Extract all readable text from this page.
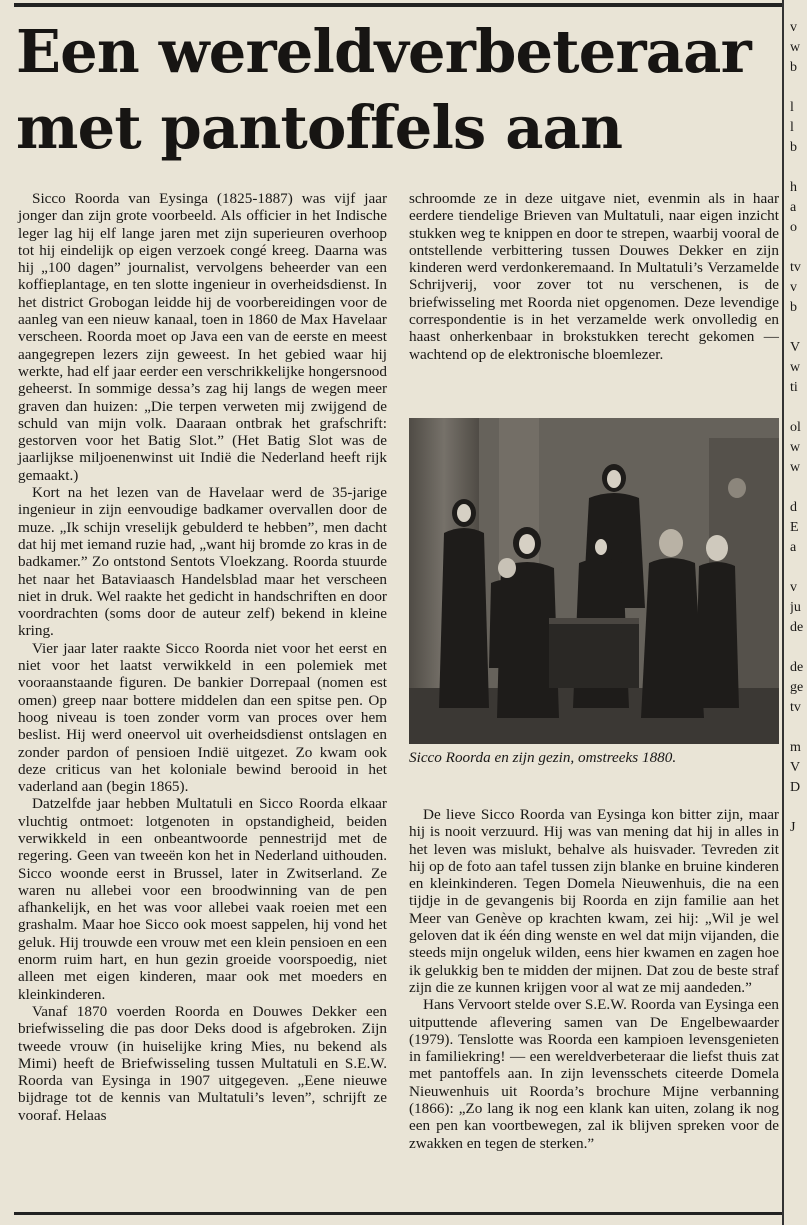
Een wereldverbeteraar
met pantoffels aan

Sicco Roorda van Eysinga (1825-1887) was vijf jaar jonger dan zijn grote voorbeeld. Als officier in het Indische leger lag hij elf lange jaren met zijn superieuren overhoop tot hij eindelijk op eigen verzoek congé kreeg. Daarna was hij „100 dagen” journalist, vervolgens beheerder van een koffieplantage, en ten slotte ingenieur in overheidsdienst. In het district Grobogan leidde hij de voorbereidingen voor de aanleg van een nieuw kanaal, toen in 1860 de Max Havelaar verscheen. Roorda moet op Java een van de eerste en meest aangegrepen lezers zijn geweest. In het gebied waar hij werkte, had elf jaar eerder een verschrikkelijke hongersnood geheerst. In sommige dessa’s zag hij langs de wegen meer graven dan huizen: „Die terpen verweten mij zwijgend de schuld van mijn volk. Daaraan ontbrak het grafschrift: gestorven voor het Batig Slot.” (Het Batig Slot was de jaarlijkse miljoenenwinst uit Indië die Nederland heeft rijk gemaakt.)

Kort na het lezen van de Havelaar werd de 35-jarige ingenieur in zijn eenvoudige badkamer overvallen door de muze. „Ik schijn vreselijk gebulderd te hebben”, men dacht dat hij met iemand ruzie had, „want hij bromde zo kras in de badkamer.” Zo ontstond Sentots Vloekzang. Roorda stuurde het naar het Bataviaasch Handelsblad maar het verscheen niet in druk. Wel raakte het gedicht in handschriften en door voordrachten (soms door de auteur zelf) bekend in kleine kring.

Vier jaar later raakte Sicco Roorda niet voor het eerst en niet voor het laatst verwikkeld in een polemiek met vooraanstaande figuren. De bankier Dorrepaal (nomen est omen) greep naar bottere middelen dan een spitse pen. Op hoog niveau is toen zonder vorm van proces over hem beslist. Hij werd oneervol uit overheidsdienst ontslagen en zonder pardon of pensioen Indië uitgezet. Zo kwam ook deze criticus van het koloniale bewind berooid in het vaderland aan (begin 1865).

Datzelfde jaar hebben Multatuli en Sicco Roorda elkaar vluchtig ontmoet: lotgenoten in opstandigheid, beiden verwikkeld in een onbeantwoorde pennestrijd met de regering. Geen van tweeën kon het in Nederland uithouden. Sicco woonde eerst in Brussel, later in Zwitserland. Ze waren nu allebei voor een broodwinning van de pen afhankelijk, en het was voor allebei vaak roeien met een grashalm. Maar hoe Sicco ook moest sappelen, hij vond het geluk. Hij trouwde een vrouw met een klein pensioen en een enorm ruim hart, en hun gezin groeide voorspoedig, niet alleen met eigen kinderen, maar ook met moeders en kleinkinderen.

Vanaf 1870 voerden Roorda en Douwes Dekker een briefwisseling die pas door Deks dood is afgebroken. Zijn tweede vrouw (in huiselijke kring Mies, nu bekend als Mimi) heeft de Briefwisseling tussen Multatuli en S.E.W. Roorda van Eysinga in 1907 uitgegeven. „Eene nieuwe bijdrage tot de kennis van Multatuli’s leven”, schrijft ze vooraf. Helaas

schroomde ze in deze uitgave niet, evenmin als in haar eerdere tiendelige Brieven van Multatuli, naar eigen inzicht stukken weg te knippen en door te strepen, waarbij vooral de ontstellende verbittering tussen Douwes Dekker en zijn kinderen werd verdonkeremaand. In Multatuli’s Verzamelde Schrijverij, voor zover tot nu verschenen, is de briefwisseling met Roorda niet opgenomen. Deze levendige correspondentie is in het verzamelde werk onvolledig en haast onherkenbaar in brokstukken terecht gekomen — wachtend op de elektronische bloemlezer.

Sicco Roorda en zijn gezin, omstreeks 1880.

De lieve Sicco Roorda van Eysinga kon bitter zijn, maar hij is nooit verzuurd. Hij was van mening dat hij in alles in het leven was mislukt, behalve als huisvader. Tevreden zit hij op de foto aan tafel tussen zijn blanke en bruine kinderen en kleinkinderen. Tegen Domela Nieuwenhuis, die na een tijdje in de gevangenis bij Roorda en zijn familie aan het Meer van Genève op krachten kwam, zei hij: „Wil je wel geloven dat ik één ding wenste en wel dat mijn vijanden, die steeds mijn ongeluk wilden, eens hier kwamen en zagen hoe ik gelukkig ben te midden der mijnen. Dat zou de beste straf zijn die ze kunnen krijgen voor al wat ze mij aandeden.”

Hans Vervoort stelde over S.E.W. Roorda van Eysinga een uitputtende aflevering samen van De Engelbewaarder (1979). Tenslotte was Roorda een kampioen levensgenieten in familiekring! — een wereldverbeteraar die liefst thuis zat met pantoffels aan. In zijn levensschets citeerde Domela Nieuwenhuis uit Roorda’s brochure Mijne verbanning (1866): „Zo lang ik nog een klank kan uiten, zolang ik nog een pen kan voortbewegen, zal ik blijven spreken voor de zwakken en tegen de sterken.”

v
w
b
l
l
b
h
a
o
tv
v
b
V
w
ti
ol
w
w
d
E
a
v
ju
de
de
ge
tv
m
V
D
J
